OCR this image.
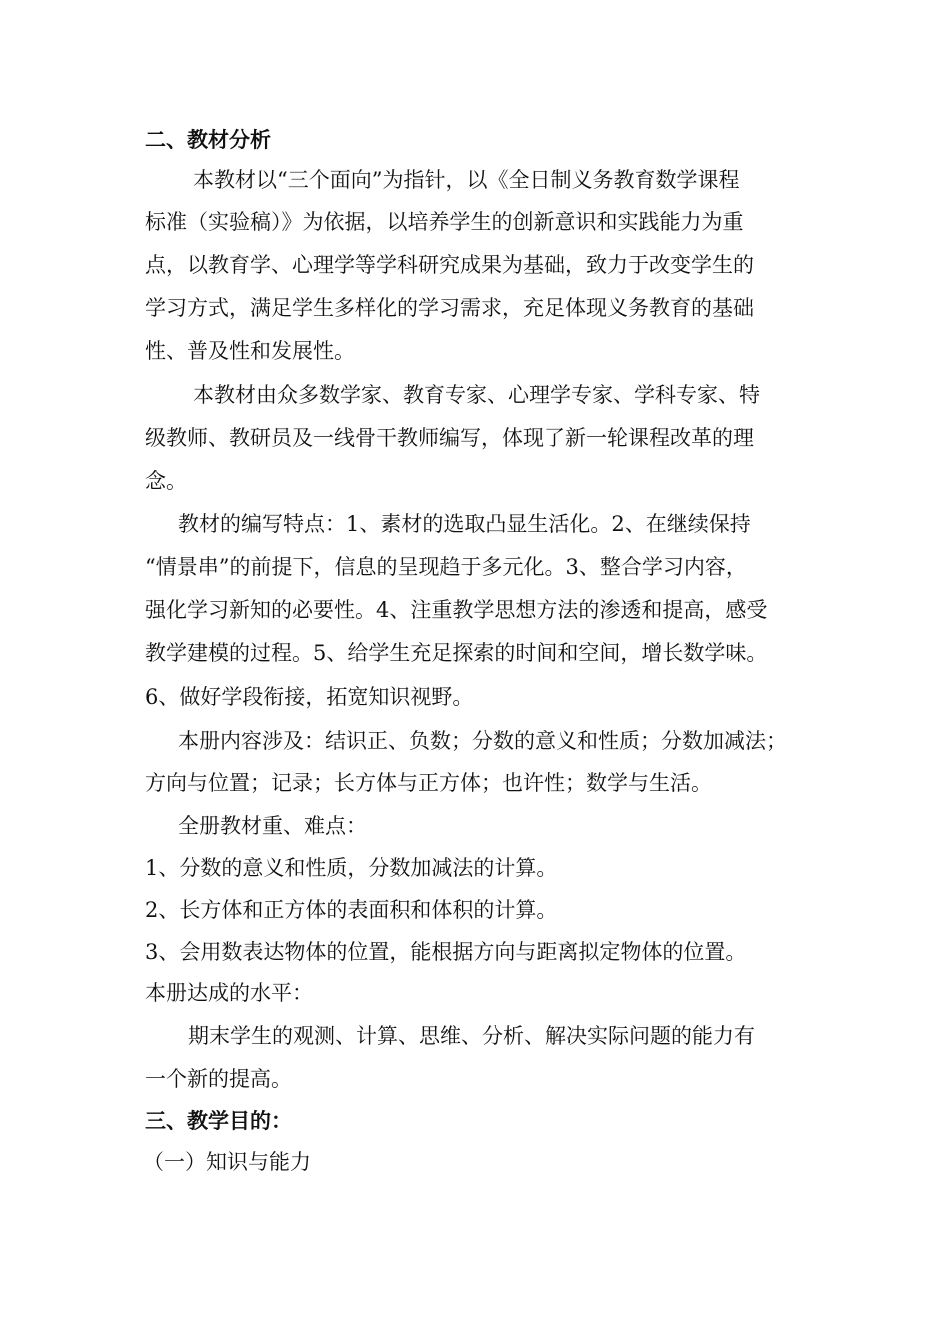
二、教材分析
本教材以“三个面向”为指针，以《全日制义务教育数学课程
标准（实验稿）》为依据，以培养学生的创新意识和实践能力为重
点，以教育学、心理学等学科研究成果为基础，致力于改变学生的
学习方式，满足学生多样化的学习需求，充足体现义务教育的基础
性、普及性和发展性。
本教材由众多数学家、教育专家、心理学专家、学科专家、特
级教师、教研员及一线骨干教师编写，体现了新一轮课程改革的理
念。
教材的编写特点：1、素材的选取凸显生活化。2、在继续保持
“情景串”的前提下，信息的呈现趋于多元化。3、整合学习内容，
强化学习新知的必要性。4、注重教学思想方法的渗透和提高，感受
教学建模的过程。5、给学生充足探索的时间和空间，增长数学味。
6、做好学段衔接，拓宽知识视野。
本册内容涉及：结识正、负数；分数的意义和性质；分数加减法；
方向与位置；记录；长方体与正方体；也许性；数学与生活。
全册教材重、难点：
1、分数的意义和性质，分数加减法的计算。
2、长方体和正方体的表面积和体积的计算。
3、会用数表达物体的位置，能根据方向与距离拟定物体的位置。
本册达成的水平：
期末学生的观测、计算、思维、分析、解决实际问题的能力有
一个新的提高。
三、教学目的：
（一）知识与能力
